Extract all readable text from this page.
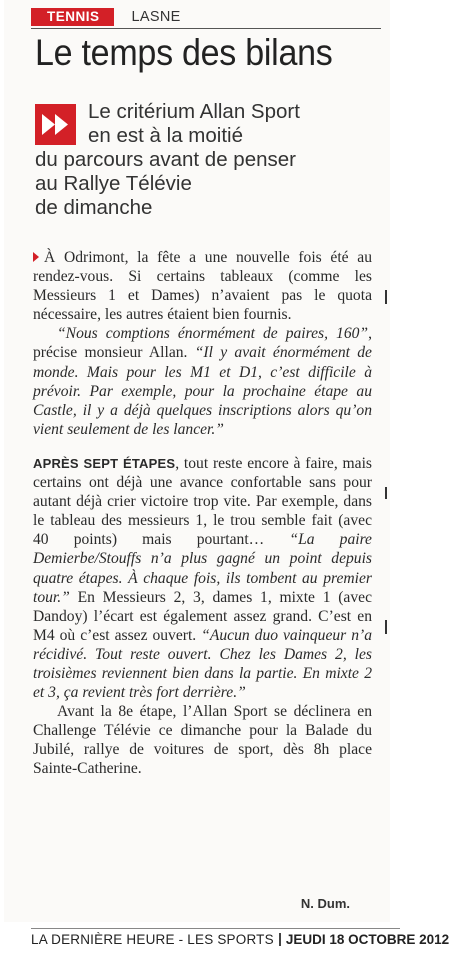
TENNIS	LASNE
Le temps des bilans
Le critérium Allan Sport
en est à la moitié
du parcours avant de penser
au Rallye Télévie
de dimanche

À Odrimont, la fête a une nouvelle fois été au rendez-vous. Si certains tableaux (comme les Messieurs 1 et Dames) n’avaient pas le quota nécessaire, les autres étaient bien fournis.

“Nous comptions énormément de paires, 160”, précise monsieur Allan. “Il y avait énormément de monde. Mais pour les M1 et D1, c’est difficile à prévoir. Par exemple, pour la prochaine étape au Castle, il y a déjà quelques inscriptions alors qu’on vient seulement de les lancer.”

APRÈS SEPT ÉTAPES, tout reste encore à faire, mais certains ont déjà une avance confortable sans pour autant déjà crier victoire trop vite. Par exemple, dans le tableau des messieurs 1, le trou semble fait (avec 40 points) mais pourtant… “La paire Demierbe/Stouffs n’a plus gagné un point depuis quatre étapes. À chaque fois, ils tombent au premier tour.” En Messieurs 2, 3, dames 1, mixte 1 (avec Dandoy) l’écart est également assez grand. C’est en M4 où c’est assez ouvert. “Aucun duo vainqueur n’a récidivé. Tout reste ouvert. Chez les Dames 2, les troisièmes reviennent bien dans la partie. En mixte 2 et 3, ça revient très fort derrière.”

Avant la 8e étape, l’Allan Sport se déclinera en Challenge Télévie ce dimanche pour la Balade du Jubilé, rallye de voitures de sport, dès 8h place Sainte-Catherine.

N. Dum.
LA DERNIÈRE HEURE - LES SPORTS JEUDI 18 OCTOBRE 2012
